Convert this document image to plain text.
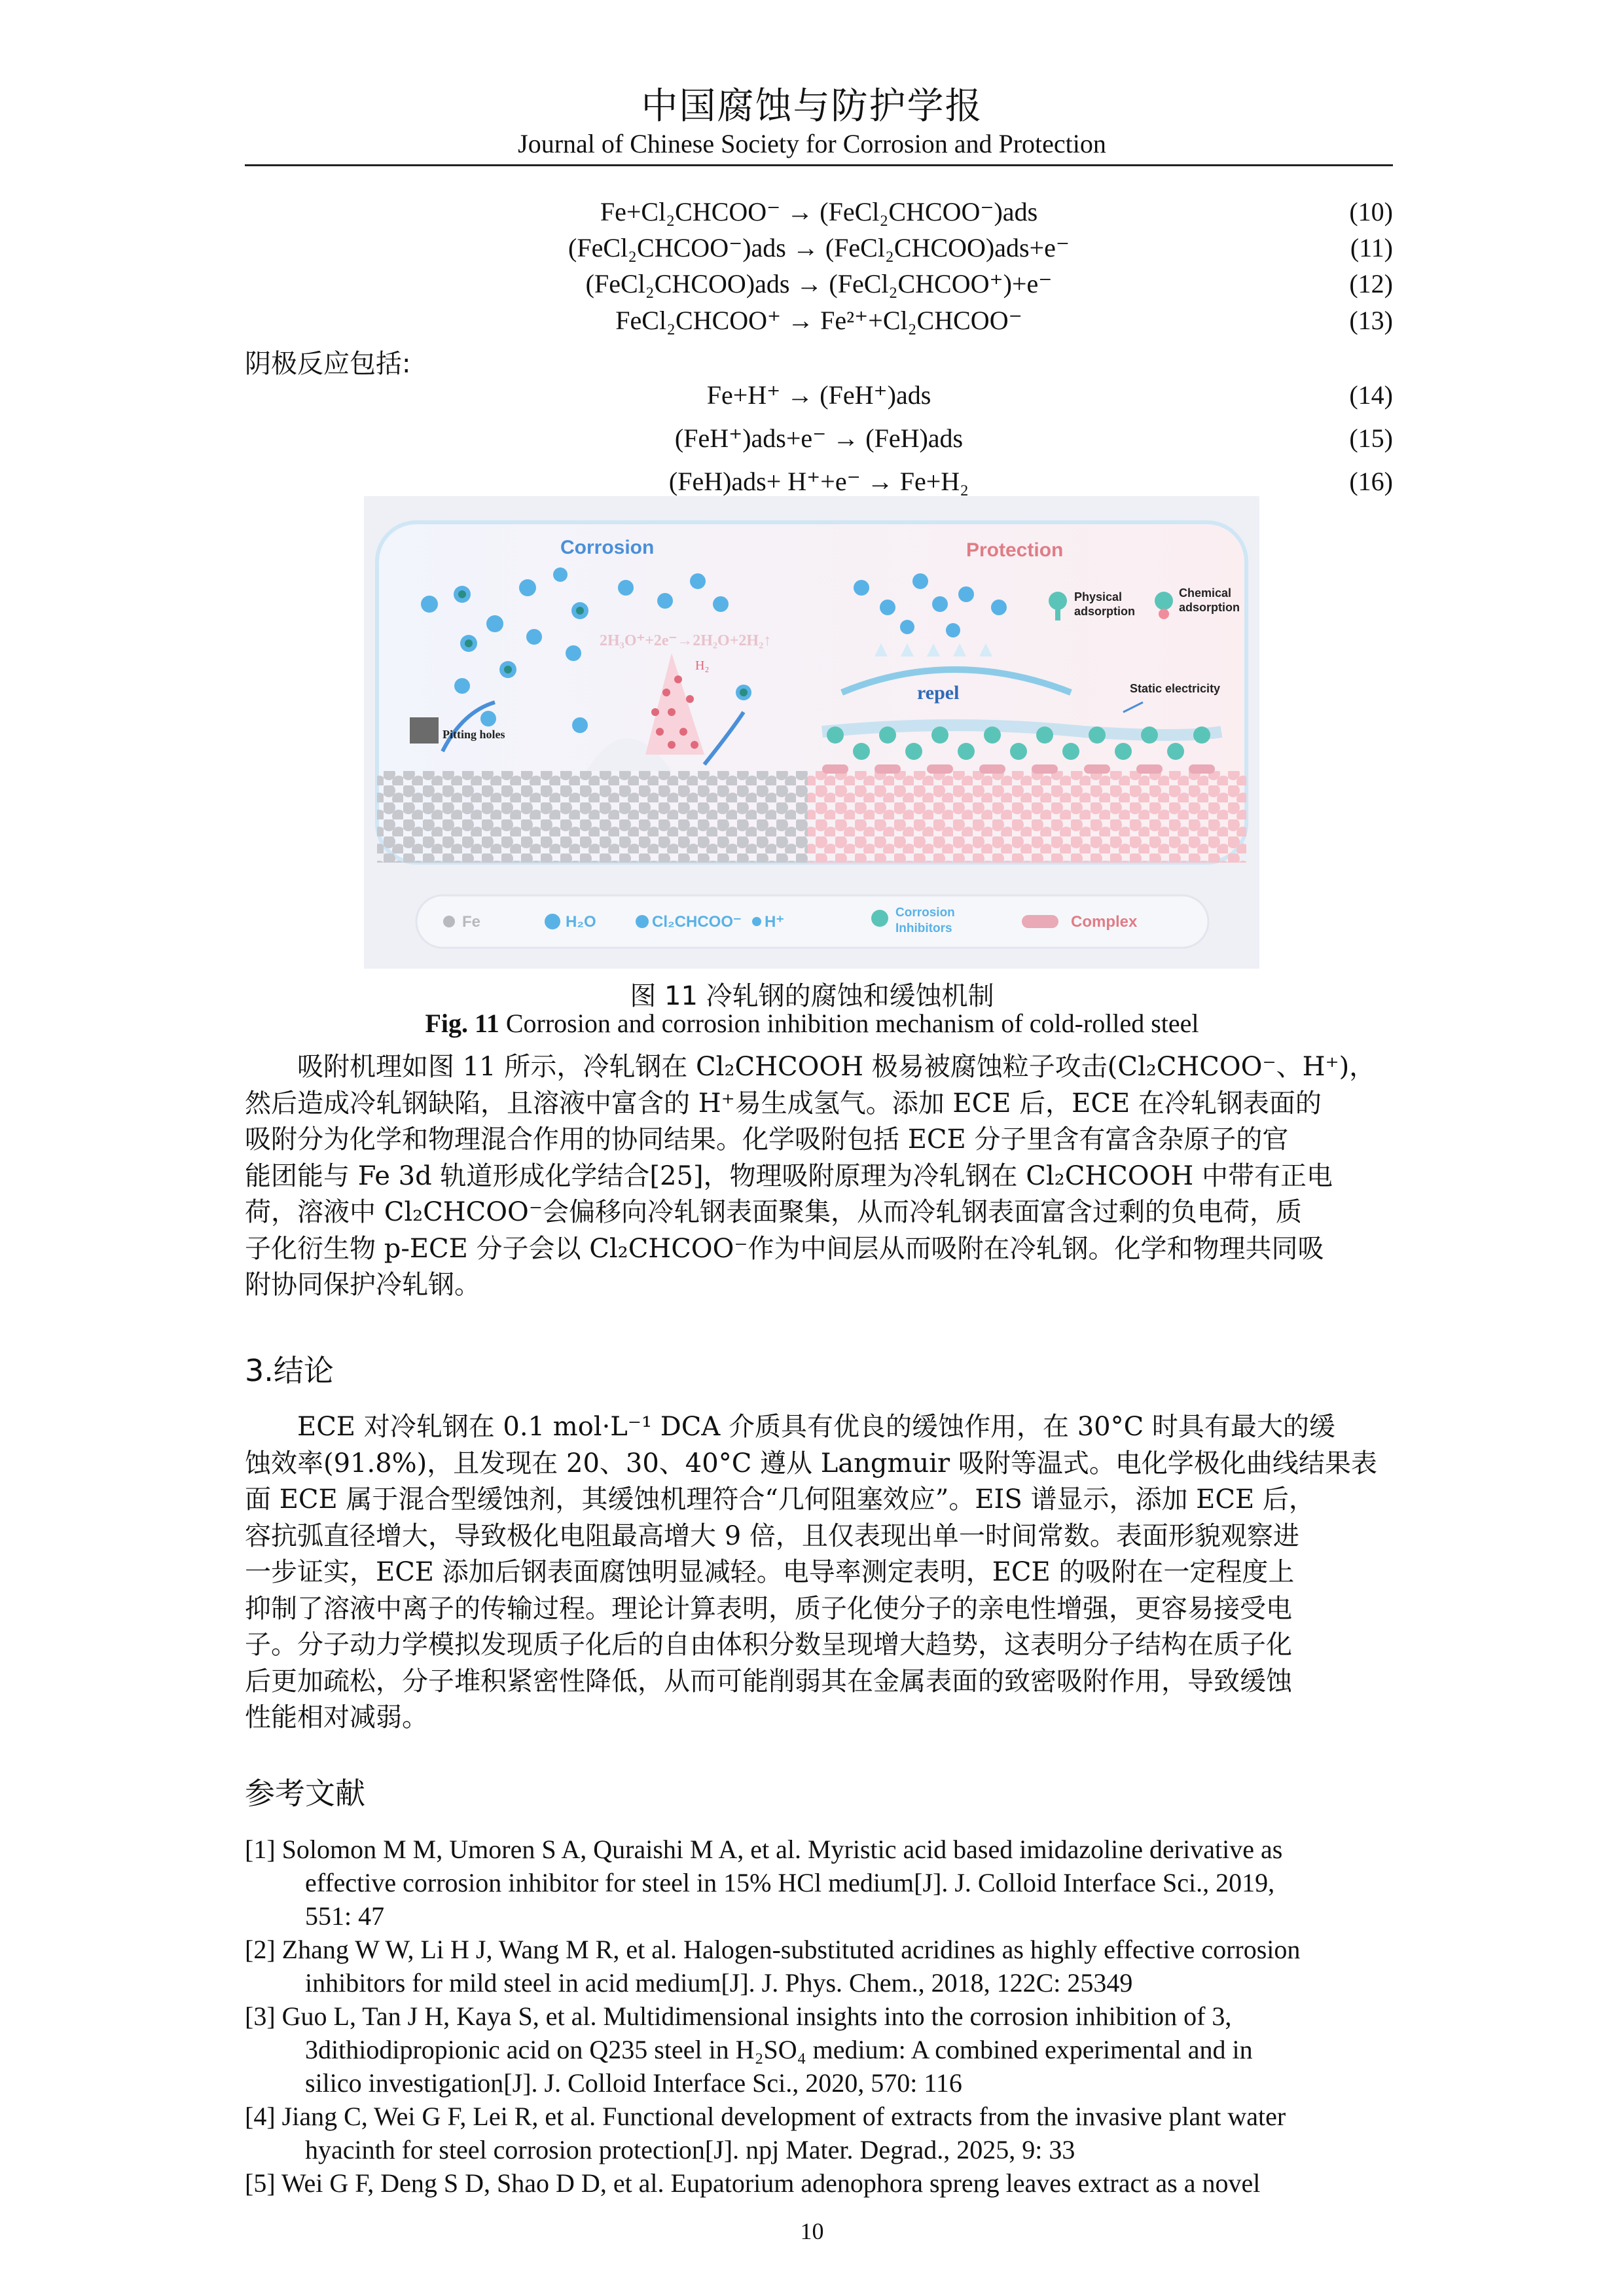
中国腐蚀与防护学报
Journal of Chinese Society for Corrosion and Protection
Fe+Cl₂CHCOO⁻ → (FeCl₂CHCOO⁻)ads	(10)
(FeCl₂CHCOO⁻)ads → (FeCl₂CHCOO)ads+e⁻	(11)
(FeCl₂CHCOO)ads → (FeCl₂CHCOO⁺)+e⁻	(12)
FeCl₂CHCOO⁺ → Fe²⁺+Cl₂CHCOO⁻	(13)
阴极反应包括:
Fe+H⁺ → (FeH⁺)ads	(14)
(FeH⁺)ads+e⁻ → (FeH)ads	(15)
(FeH)ads+ H⁺+e⁻ → Fe+H₂	(16)
Corrosion	Protection
H₂
2H₃O⁺+2e⁻→2H₂O+2H₂↑
Pitting holes
repel
Physical
adsorption
Chemical
adsorption
Static electricity
Fe	H₂O	Cl₂CHCOO⁻ H⁺
Corrosion
Inhibitors	Complex
图 11 冷轧钢的腐蚀和缓蚀机制
Fig. 11 Corrosion and corrosion inhibition mechanism of cold-rolled steel
　　吸附机理如图 11 所示，冷轧钢在 Cl₂CHCOOH 极易被腐蚀粒子攻击(Cl₂CHCOO⁻、H⁺)，
然后造成冷轧钢缺陷，且溶液中富含的 H⁺易生成氢气。添加 ECE 后，ECE 在冷轧钢表面的
吸附分为化学和物理混合作用的协同结果。化学吸附包括 ECE 分子里含有富含杂原子的官
能团能与 Fe 3d 轨道形成化学结合[25]，物理吸附原理为冷轧钢在 Cl₂CHCOOH 中带有正电
荷，溶液中 Cl₂CHCOO⁻会偏移向冷轧钢表面聚集，从而冷轧钢表面富含过剩的负电荷，质
子化衍生物 p-ECE 分子会以 Cl₂CHCOO⁻作为中间层从而吸附在冷轧钢。化学和物理共同吸
附协同保护冷轧钢。
3.结论
　　ECE 对冷轧钢在 0.1 mol·L⁻¹ DCA 介质具有优良的缓蚀作用，在 30°C 时具有最大的缓
蚀效率(91.8%)，且发现在 20、30、40°C 遵从 Langmuir 吸附等温式。电化学极化曲线结果表
面 ECE 属于混合型缓蚀剂，其缓蚀机理符合“几何阻塞效应”。EIS 谱显示，添加 ECE 后，
容抗弧直径增大，导致极化电阻最高增大 9 倍，且仅表现出单一时间常数。表面形貌观察进
一步证实，ECE 添加后钢表面腐蚀明显减轻。电导率测定表明，ECE 的吸附在一定程度上
抑制了溶液中离子的传输过程。理论计算表明，质子化使分子的亲电性增强，更容易接受电
子。分子动力学模拟发现质子化后的自由体积分数呈现增大趋势，这表明分子结构在质子化
后更加疏松，分子堆积紧密性降低，从而可能削弱其在金属表面的致密吸附作用，导致缓蚀
性能相对减弱。
参考文献
[1] Solomon M M, Umoren S A, Quraishi M A, et al. Myristic acid based imidazoline derivative as
effective corrosion inhibitor for steel in 15% HCl medium[J]. J. Colloid Interface Sci., 2019,
551: 47
[2] Zhang W W, Li H J, Wang M R, et al. Halogen-substituted acridines as highly effective corrosion
inhibitors for mild steel in acid medium[J]. J. Phys. Chem., 2018, 122C: 25349
[3] Guo L, Tan J H, Kaya S, et al. Multidimensional insights into the corrosion inhibition of 3,
3dithiodipropionic acid on Q235 steel in H₂SO₄ medium: A combined experimental and in
silico investigation[J]. J. Colloid Interface Sci., 2020, 570: 116
[4] Jiang C, Wei G F, Lei R, et al. Functional development of extracts from the invasive plant water
hyacinth for steel corrosion protection[J]. npj Mater. Degrad., 2025, 9: 33
[5] Wei G F, Deng S D, Shao D D, et al. Eupatorium adenophora spreng leaves extract as a novel
10
